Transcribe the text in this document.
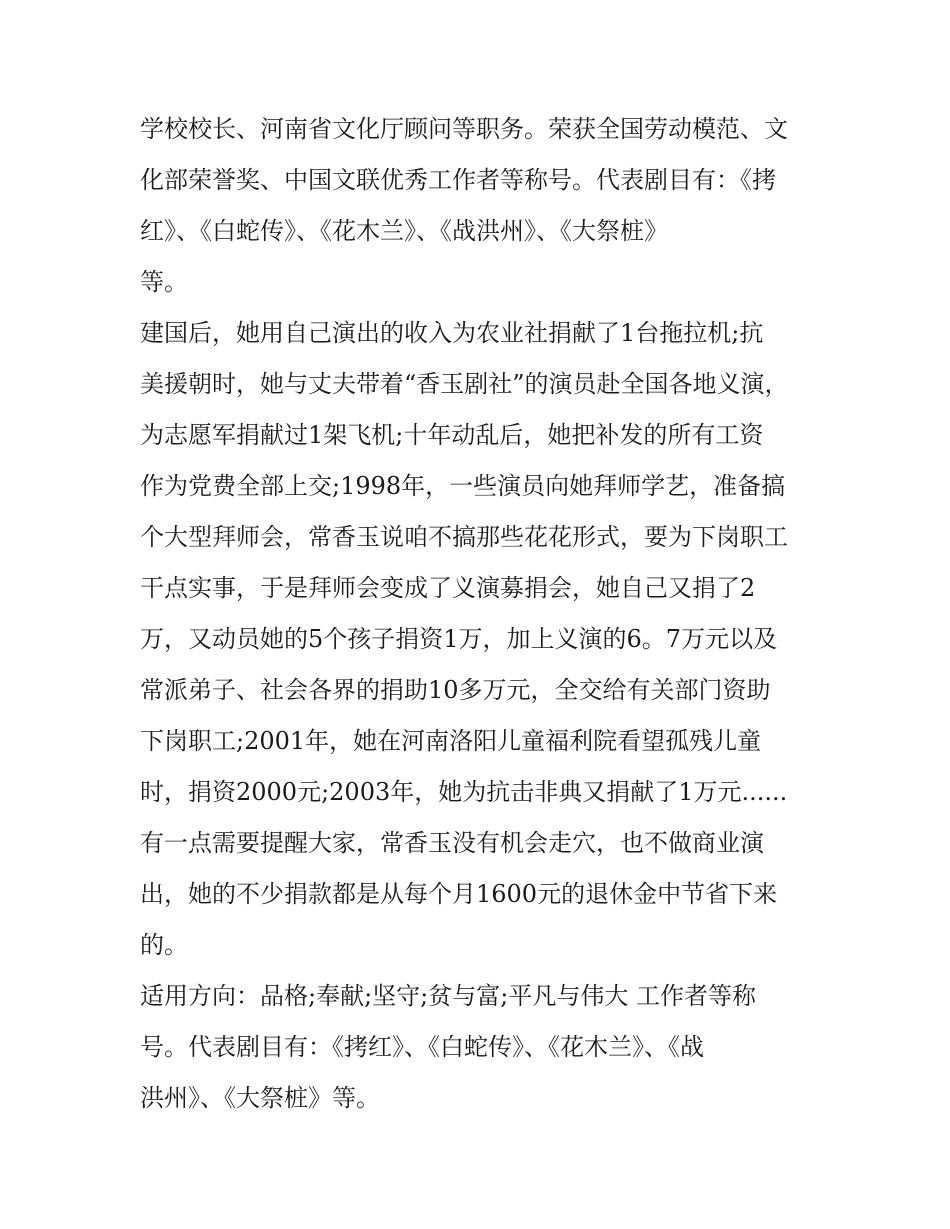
学校校长、河南省文化厅顾问等职务。荣获全国劳动模范、文
化部荣誉奖、中国文联优秀工作者等称号。代表剧目有：《拷
红》、《白蛇传》、《花木兰》、《战洪州》、《大祭桩》
等。
建国后，她用自己演出的收入为农业社捐献了1台拖拉机;抗
美援朝时，她与丈夫带着“香玉剧社”的演员赴全国各地义演，
为志愿军捐献过1架飞机;十年动乱后，她把补发的所有工资
作为党费全部上交;1998年，一些演员向她拜师学艺，准备搞
个大型拜师会，常香玉说咱不搞那些花花形式，要为下岗职工
干点实事，于是拜师会变成了义演募捐会，她自己又捐了2
万，又动员她的5个孩子捐资1万，加上义演的6。7万元以及
常派弟子、社会各界的捐助10多万元，全交给有关部门资助
下岗职工;2001年，她在河南洛阳儿童福利院看望孤残儿童
时，捐资2000元;2003年，她为抗击非典又捐献了1万元......
有一点需要提醒大家，常香玉没有机会走穴，也不做商业演
出，她的不少捐款都是从每个月1600元的退休金中节省下来
的。
适用方向：品格;奉献;坚守;贫与富;平凡与伟大 工作者等称
号。代表剧目有：《拷红》、《白蛇传》、《花木兰》、《战
洪州》、《大祭桩》等。
